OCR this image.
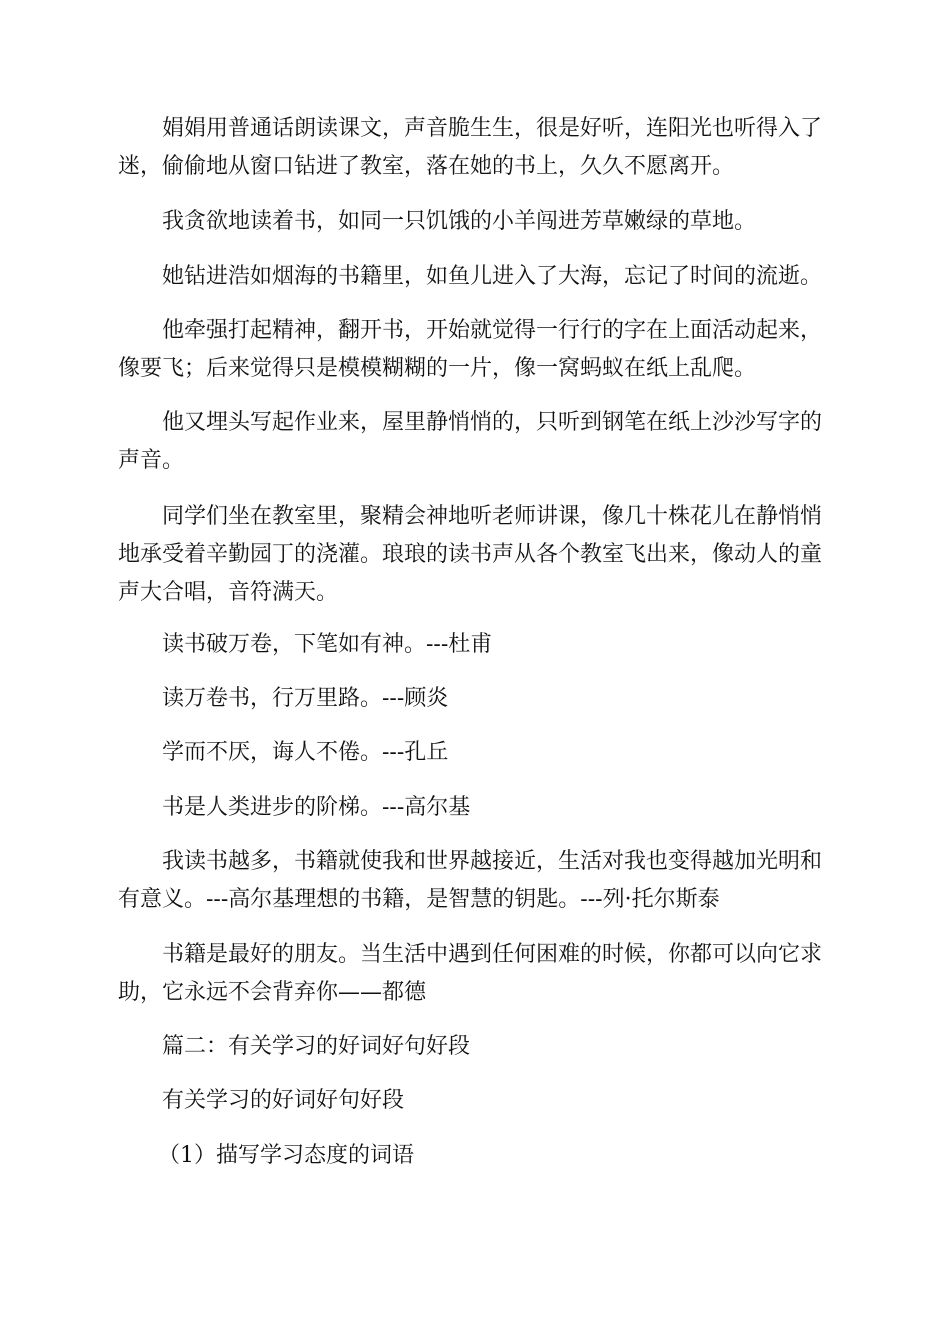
娟娟用普通话朗读课文，声音脆生生，很是好听，连阳光也听得入了迷，偷偷地从窗口钻进了教室，落在她的书上，久久不愿离开。

我贪欲地读着书，如同一只饥饿的小羊闯进芳草嫩绿的草地。

她钻进浩如烟海的书籍里，如鱼儿进入了大海，忘记了时间的流逝。

他牵强打起精神，翻开书，开始就觉得一行行的字在上面活动起来，像要飞；后来觉得只是模模糊糊的一片，像一窝蚂蚁在纸上乱爬。

他又埋头写起作业来，屋里静悄悄的，只听到钢笔在纸上沙沙写字的声音。

同学们坐在教室里，聚精会神地听老师讲课，像几十株花儿在静悄悄地承受着辛勤园丁的浇灌。琅琅的读书声从各个教室飞出来，像动人的童声大合唱，音符满天。

读书破万卷，下笔如有神。---杜甫

读万卷书，行万里路。---顾炎

学而不厌，诲人不倦。---孔丘

书是人类进步的阶梯。---高尔基

我读书越多，书籍就使我和世界越接近，生活对我也变得越加光明和有意义。---高尔基理想的书籍，是智慧的钥匙。---列·托尔斯泰

书籍是最好的朋友。当生活中遇到任何困难的时候，你都可以向它求助，它永远不会背弃你——都德

篇二：有关学习的好词好句好段

有关学习的好词好句好段

（1）描写学习态度的词语
